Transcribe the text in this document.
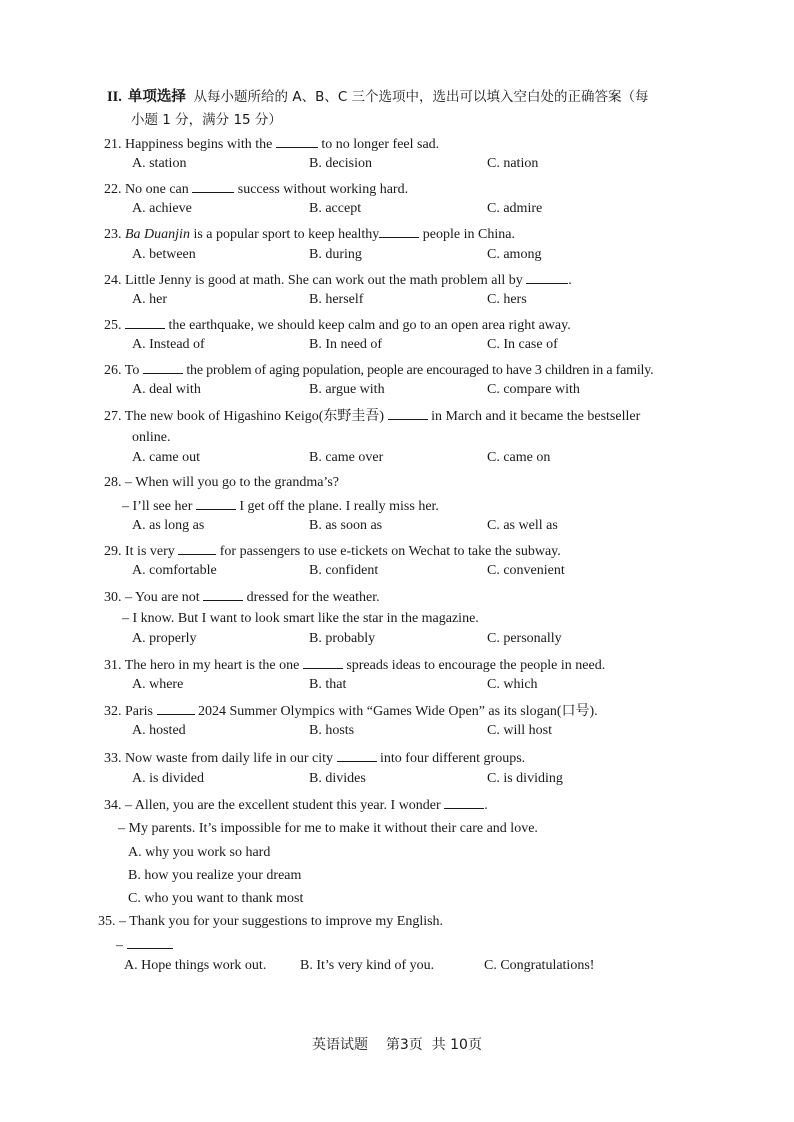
II. 单项选择 从每小题所给的 A、B、C 三个选项中，选出可以填入空白处的正确答案（每
小题 1 分，满分 15 分）
21. Happiness begins with the	to no longer feel sad.
A. station	B. decision	C. nation
22. No one can	success without working hard.
A. achieve	B. accept	C. admire
23. Ba Duanjin is a popular sport to keep healthy	people in China.
A. between	B. during	C. among
24. Little Jenny is good at math. She can work out the math problem all by	.
A. her	B. herself	C. hers
25.	the earthquake, we should keep calm and go to an open area right away.
A. Instead of	B. In need of	C. In case of
26. To	the problem of aging population, people are encouraged to have 3 children in a family.
A. deal with	B. argue with	C. compare with
27. The new book of Higashino Keigo(东野圭吾)	in March and it became the bestseller
online.
A. came out	B. came over	C. came on
28. – When will you go to the grandma’s?
– I’ll see her	I get off the plane. I really miss her.
A. as long as	B. as soon as	C. as well as
29. It is very	for passengers to use e-tickets on Wechat to take the subway.
A. comfortable	B. confident	C. convenient
30. – You are not	dressed for the weather.
– I know. But I want to look smart like the star in the magazine.
A. properly	B. probably	C. personally
31. The hero in my heart is the one	spreads ideas to encourage the people in need.
A. where	B. that	C. which
32. Paris	2024 Summer Olympics with “Games Wide Open” as its slogan(口号).
A. hosted	B. hosts	C. will host
33. Now waste from daily life in our city	into four different groups.
A. is divided	B. divides	C. is dividing
34. – Allen, you are the excellent student this year. I wonder	.
– My parents. It’s impossible for me to make it without their care and love.
A. why you work so hard
B. how you realize your dream
C. who you want to thank most
35. – Thank you for your suggestions to improve my English.
–
A. Hope things work out. B. It’s very kind of you.	C. Congratulations!
英语试题 第3页 共 10页
